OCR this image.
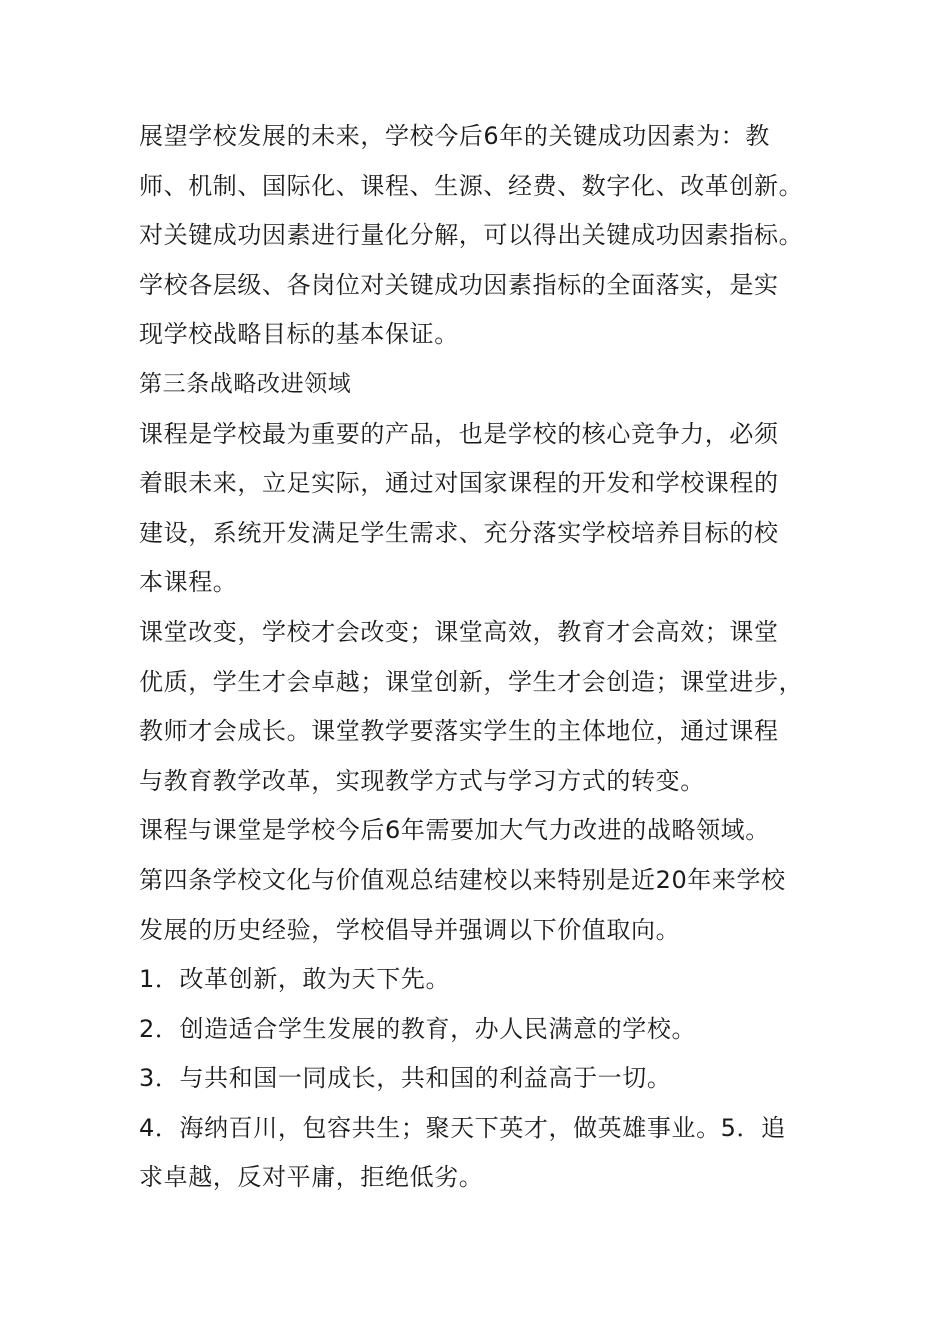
展望学校发展的未来，学校今后6年的关键成功因素为：教
师、机制、国际化、课程、生源、经费、数字化、改革创新。
对关键成功因素进行量化分解，可以得出关键成功因素指标。
学校各层级、各岗位对关键成功因素指标的全面落实，是实
现学校战略目标的基本保证。
第三条战略改进领域
课程是学校最为重要的产品，也是学校的核心竞争力，必须
着眼未来，立足实际，通过对国家课程的开发和学校课程的
建设，系统开发满足学生需求、充分落实学校培养目标的校
本课程。
课堂改变，学校才会改变；课堂高效，教育才会高效；课堂
优质，学生才会卓越；课堂创新，学生才会创造；课堂进步，
教师才会成长。课堂教学要落实学生的主体地位，通过课程
与教育教学改革，实现教学方式与学习方式的转变。
课程与课堂是学校今后6年需要加大气力改进的战略领域。
第四条学校文化与价值观总结建校以来特别是近20年来学校
发展的历史经验，学校倡导并强调以下价值取向。
1．改革创新，敢为天下先。
2．创造适合学生发展的教育，办人民满意的学校。
3．与共和国一同成长，共和国的利益高于一切。
4．海纳百川，包容共生；聚天下英才，做英雄事业。5．追
求卓越，反对平庸，拒绝低劣。
